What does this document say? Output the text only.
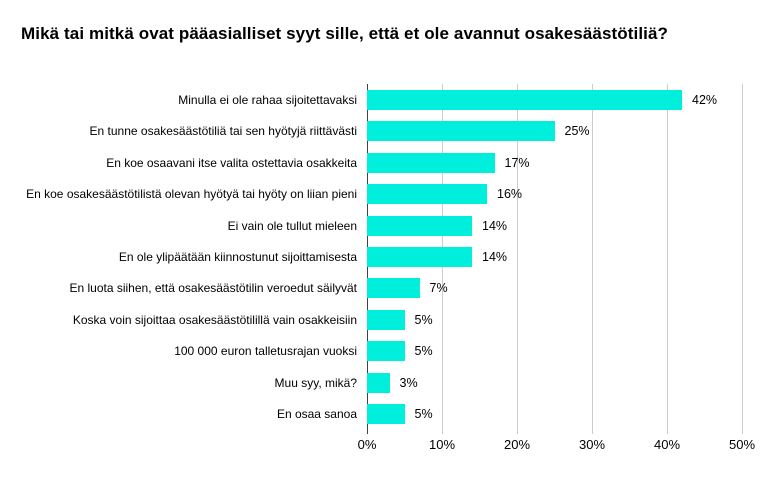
Mikä tai mitkä ovat pääasialliset syyt sille, että et ole avannut osakesäästötiliä?
Minulla ei ole rahaa sijoitettavaksi	42%
En tunne osakesäästötiliä tai sen hyötyjä riittävästi	25%
En koe osaavani itse valita ostettavia osakkeita	17%
En koe osakesäästötilistä olevan hyötyä tai hyöty on liian pieni	16%
Ei vain ole tullut mieleen	14%
En ole ylipäätään kiinnostunut sijoittamisesta	14%
En luota siihen, että osakesäästötilin veroedut säilyvät	7%
Koska voin sijoittaa osakesäästötilillä vain osakkeisiin	5%
100 000 euron talletusrajan vuoksi	5%
Muu syy, mikä?	3%
En osaa sanoa	5%
0%	10%	20%	30%	40%	50%
